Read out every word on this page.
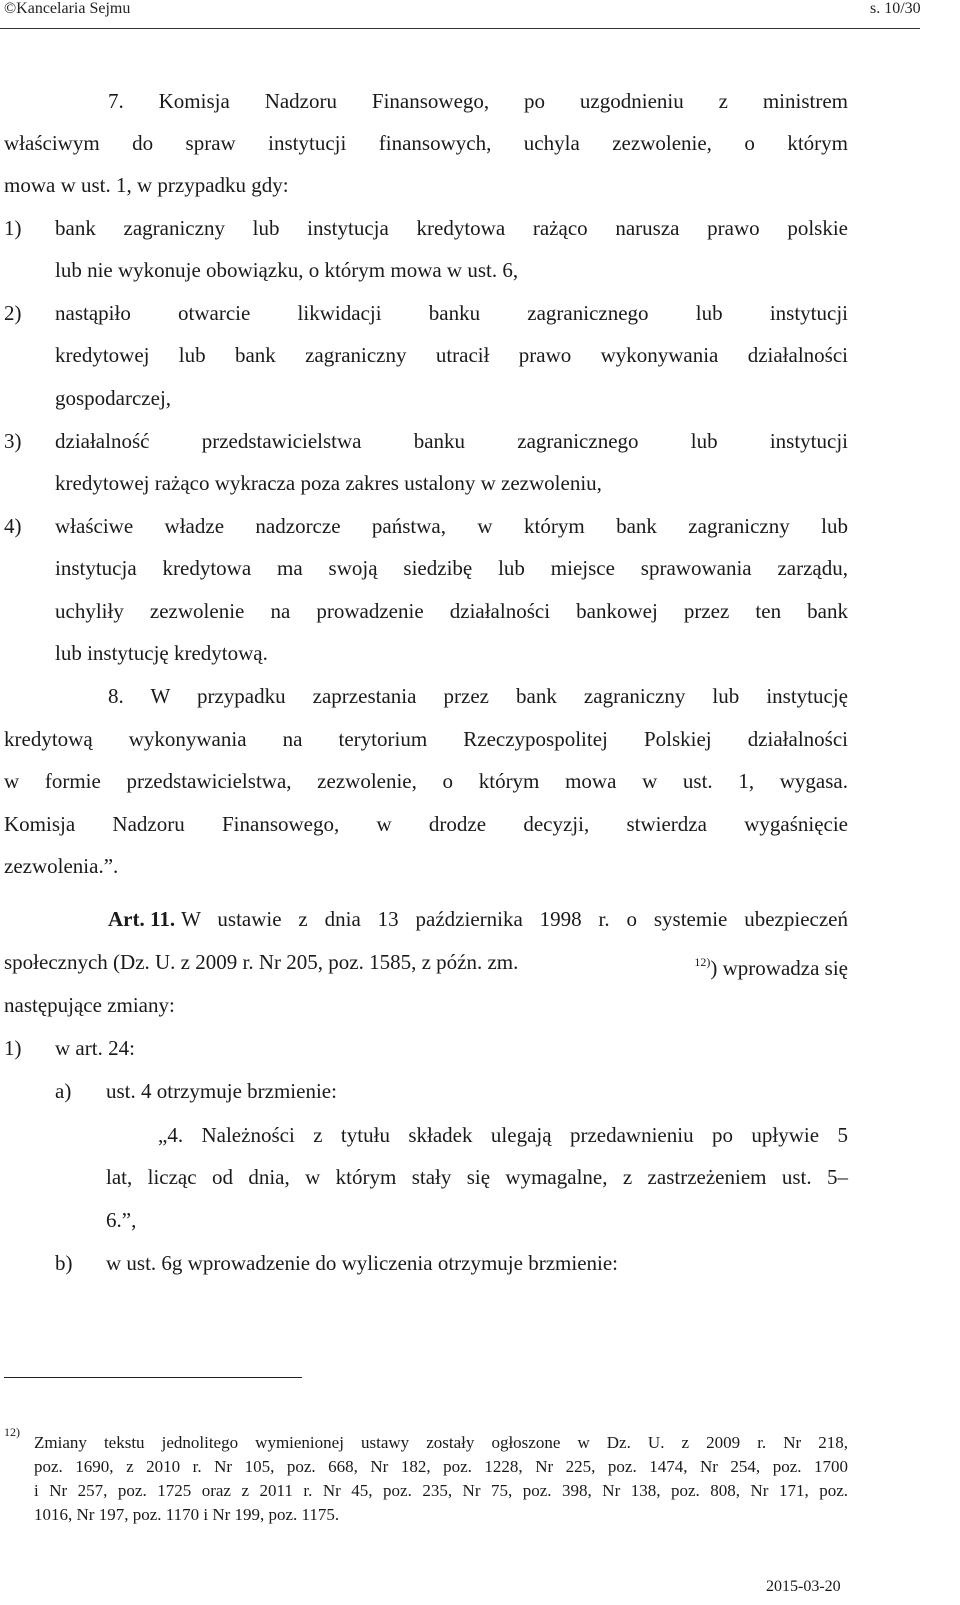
©Kancelaria Sejmu	s. 10/30
7. Komisja Nadzoru Finansowego, po uzgodnieniu z ministrem
właściwym do spraw instytucji finansowych, uchyla zezwolenie, o którym
mowa w ust. 1, w przypadku gdy:
1) bank zagraniczny lub instytucja kredytowa rażąco narusza prawo polskie
lub nie wykonuje obowiązku, o którym mowa w ust. 6,
2) nastąpiło otwarcie likwidacji banku zagranicznego lub instytucji
kredytowej lub bank zagraniczny utracił prawo wykonywania działalności
gospodarczej,
3) działalność przedstawicielstwa banku zagranicznego lub instytucji
kredytowej rażąco wykracza poza zakres ustalony w zezwoleniu,
4) właściwe władze nadzorcze państwa, w którym bank zagraniczny lub
instytucja kredytowa ma swoją siedzibę lub miejsce sprawowania zarządu,
uchyliły zezwolenie na prowadzenie działalności bankowej przez ten bank
lub instytucję kredytową.
8. W przypadku zaprzestania przez bank zagraniczny lub instytucję
kredytową wykonywania na terytorium Rzeczypospolitej Polskiej działalności
w formie przedstawicielstwa, zezwolenie, o którym mowa w ust. 1, wygasa.
Komisja Nadzoru Finansowego, w drodze decyzji, stwierdza wygaśnięcie
zezwolenia.”.
Art. 11. W ustawie z dnia 13 października 1998 r. o systemie ubezpieczeń
społecznych (Dz. U. z 2009 r. Nr 205, poz. 1585, z późn. zm.	$^{12)}$) wprowadza się
następujące zmiany:
1) w art. 24:
a) ust. 4 otrzymuje brzmienie:
„4. Należności z tytułu składek ulegają przedawnieniu po upływie 5
lat, licząc od dnia, w którym stały się wymagalne, z zastrzeżeniem ust. 5–
6.”,
b) w ust. 6g wprowadzenie do wyliczenia otrzymuje brzmienie:
12)
Zmiany tekstu jednolitego wymienionej ustawy zostały ogłoszone w Dz. U. z 2009 r. Nr 218,
poz. 1690, z 2010 r. Nr 105, poz. 668, Nr 182, poz. 1228, Nr 225, poz. 1474, Nr 254, poz. 1700
i Nr 257, poz. 1725 oraz z 2011 r. Nr 45, poz. 235, Nr 75, poz. 398, Nr 138, poz. 808, Nr 171, poz.
1016, Nr 197, poz. 1170 i Nr 199, poz. 1175.
2015-03-20
